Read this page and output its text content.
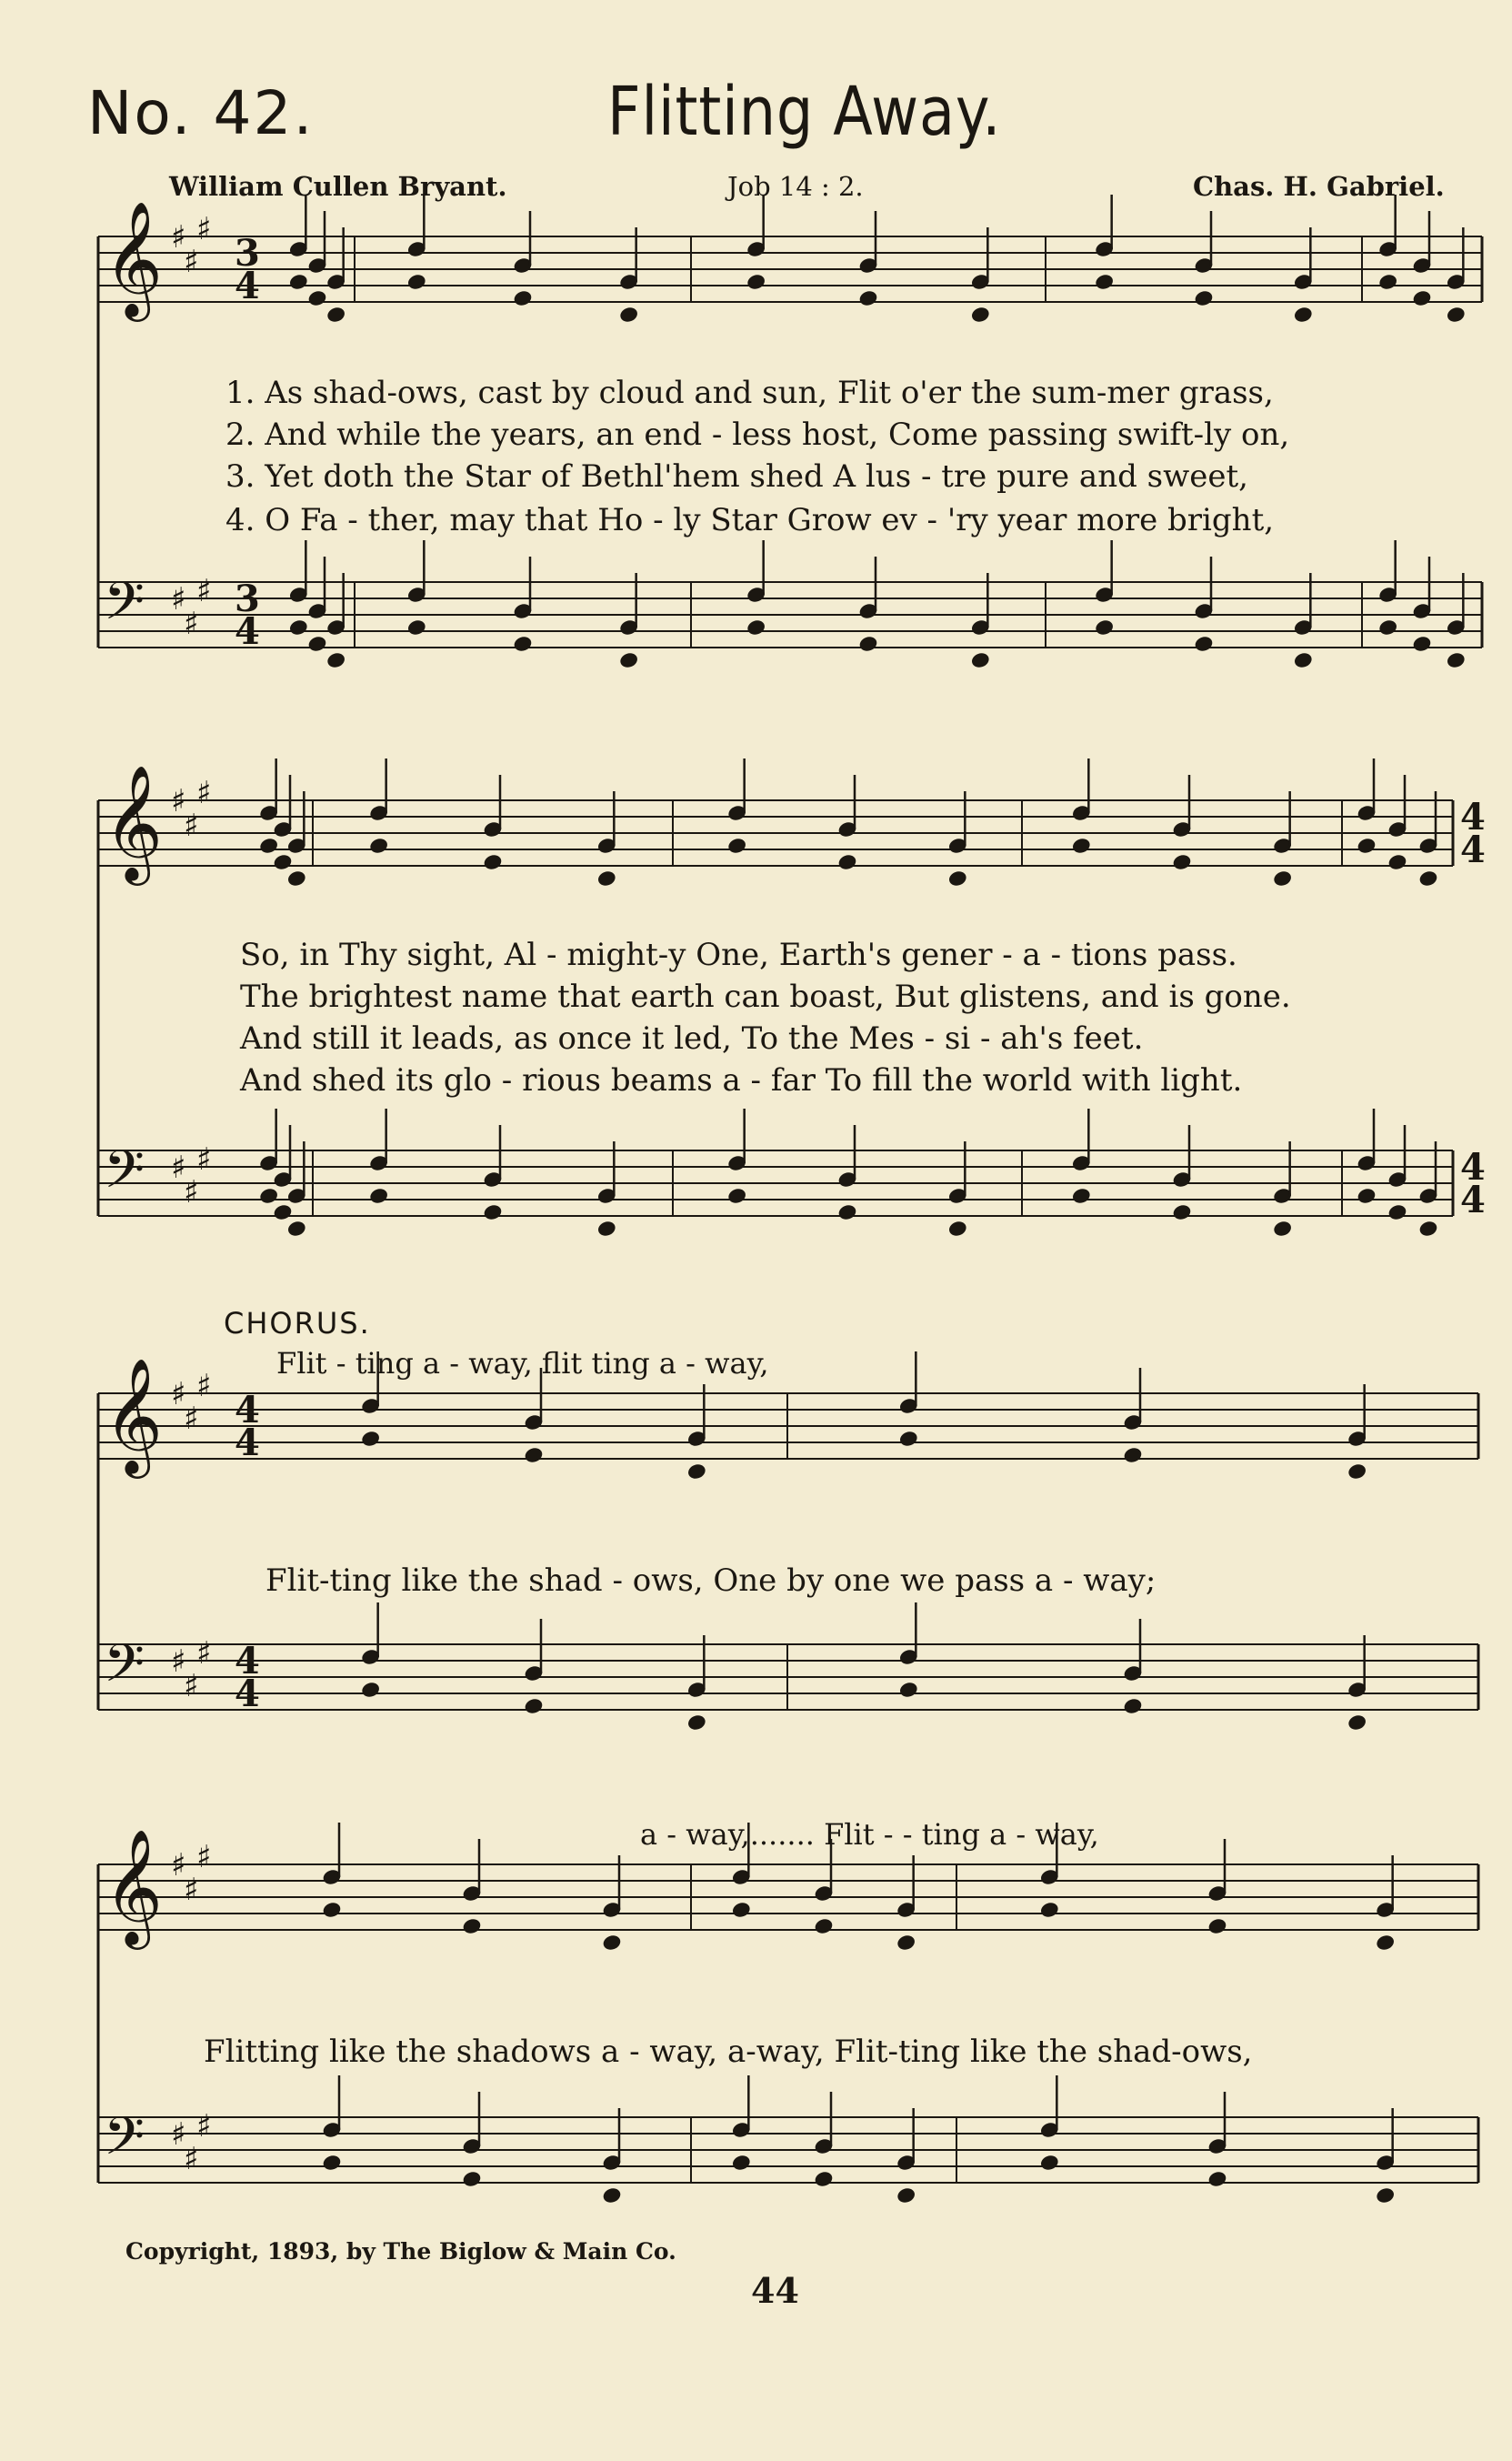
No. 42.	Flitting Away.
William Cullen Bryant.	Job 14 : 2.	Chas. H. Gabriel.
𝄞
𝄢
♯
♯
♯
♯
♯
♯
3
4
3
4
𝄞
𝄢
♯
♯
♯
♯
♯
♯
𝄞
𝄢
♯
♯
♯
♯
♯
♯
4
4
4
4
𝄞
𝄢
♯
♯
♯
♯
♯
♯
4
4
4
4
1. As shad-ows, cast by cloud and sun, Flit o'er the sum-mer grass,
2. And while the years, an end - less host, Come passing swift-ly on,
3. Yet doth the Star of Bethl'hem shed A lus - tre pure and sweet,
4. O Fa - ther, may that Ho - ly Star Grow ev - 'ry year more bright,
So, in Thy sight, Al - might-y One, Earth's gener - a - tions pass.
The brightest name that earth can boast, But glistens, and is gone.
And still it leads, as once it led, To the Mes - si - ah's feet.
And shed its glo - rious beams a - far To fill the world with light.
CHORUS.
Flit - ting a - way, flit ting a - way,
Flit-ting like the shad - ows, One by one we pass a - way;
a - way,....... Flit - - ting a - way,
Flitting like the shadows a - way, a-way, Flit-ting like the shad-ows,
Copyright, 1893, by The Biglow & Main Co.
44
